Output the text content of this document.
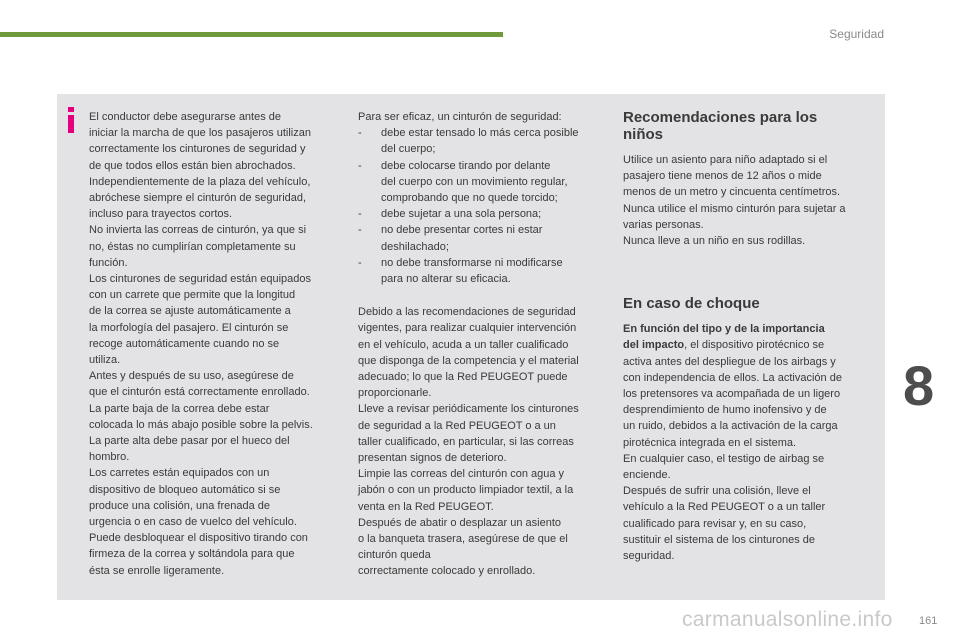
Seguridad

El conductor debe asegurarse antes de

iniciar la marcha de que los pasajeros utilizan

correctamente los cinturones de seguridad y

de que todos ellos están bien abrochados.

Independientemente de la plaza del vehículo,

abróchese siempre el cinturón de seguridad,

incluso para trayectos cortos.

No invierta las correas de cinturón, ya que si

no, éstas no cumplirían completamente su

función.

Los cinturones de seguridad están equipados

con un carrete que permite que la longitud

de la correa se ajuste automáticamente a

la morfología del pasajero. El cinturón se

recoge automáticamente cuando no se

utiliza.

Antes y después de su uso, asegúrese de

que el cinturón está correctamente enrollado.

La parte baja de la correa debe estar

colocada lo más abajo posible sobre la pelvis.

La parte alta debe pasar por el hueco del

hombro.

Los carretes están equipados con un

dispositivo de bloqueo automático si se

produce una colisión, una frenada de

urgencia o en caso de vuelco del vehículo.

Puede desbloquear el dispositivo tirando con

firmeza de la correa y soltándola para que

ésta se enrolle ligeramente.

Para ser eficaz, un cinturón de seguridad:

- debe estar tensado lo más cerca posible
del cuerpo;
- debe colocarse tirando por delante
del cuerpo con un movimiento regular,
comprobando que no quede torcido;
- debe sujetar a una sola persona;
- no debe presentar cortes ni estar
deshilachado;
- no debe transformarse ni modificarse
para no alterar su eficacia.

Debido a las recomendaciones de seguridad

vigentes, para realizar cualquier intervención

en el vehículo, acuda a un taller cualificado

que disponga de la competencia y el material

adecuado; lo que la Red PEUGEOT puede

proporcionarle.

Lleve a revisar periódicamente los cinturones

de seguridad a la Red PEUGEOT o a un

taller cualificado, en particular, si las correas

presentan signos de deterioro.

Limpie las correas del cinturón con agua y

jabón o con un producto limpiador textil, a la

venta en la Red PEUGEOT.

Después de abatir o desplazar un asiento

o la banqueta trasera, asegúrese de que el

cinturón queda

correctamente colocado y enrollado.

Recomendaciones para los
niños

Utilice un asiento para niño adaptado si el

pasajero tiene menos de 12 años o mide

menos de un metro y cincuenta centímetros.

Nunca utilice el mismo cinturón para sujetar a

varias personas.

Nunca lleve a un niño en sus rodillas.

En caso de choque

En función del tipo y de la importancia

del impacto, el dispositivo pirotécnico se

activa antes del despliegue de los airbags y

con independencia de ellos. La activación de

los pretensores va acompañada de un ligero

desprendimiento de humo inofensivo y de

un ruido, debidos a la activación de la carga

pirotécnica integrada en el sistema.

En cualquier caso, el testigo de airbag se

enciende.

Después de sufrir una colisión, lleve el

vehículo a la Red PEUGEOT o a un taller

cualificado para revisar y, en su caso,

sustituir el sistema de los cinturones de

seguridad.

8
carmanualsonline.info 161
